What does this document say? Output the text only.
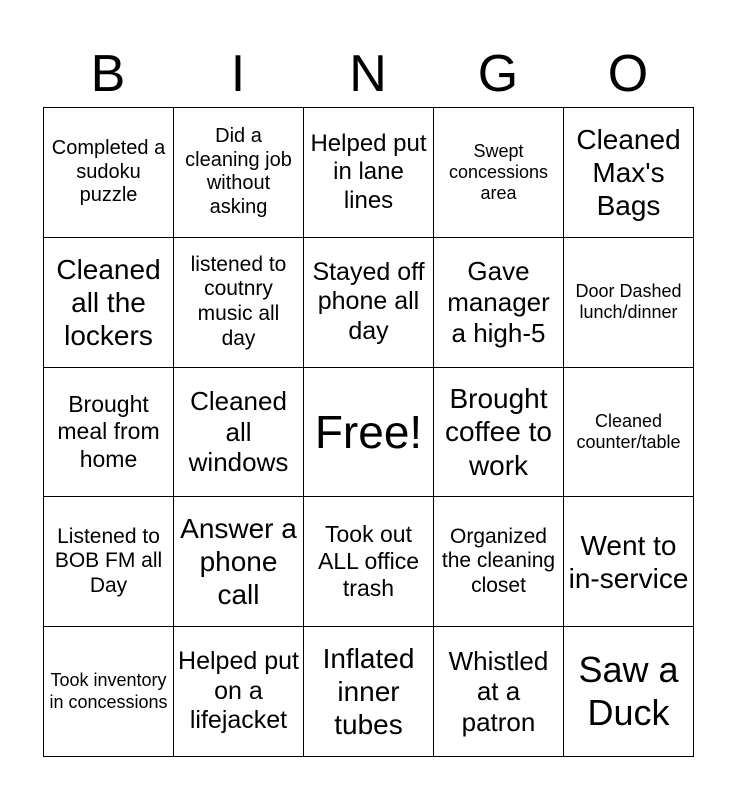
B	I	N	G	O
Completed a sudoku puzzle	Did a cleaning job without asking	Helped put in lane lines	Swept concessions area	Cleaned Max's Bags
Cleaned all the lockers	listened to coutnry music all day	Stayed off phone all day	Gave manager a high-5	Door Dashed lunch/dinner
Brought meal from home	Cleaned all windows	Free!	Brought coffee to work	Cleaned counter/table
Listened to BOB FM all Day	Answer a phone call	Took out ALL office trash	Organized the cleaning closet	Went to in-service
Took inventory in concessions	Helped put on a lifejacket	Inflated inner tubes	Whistled at a patron	Saw a Duck
